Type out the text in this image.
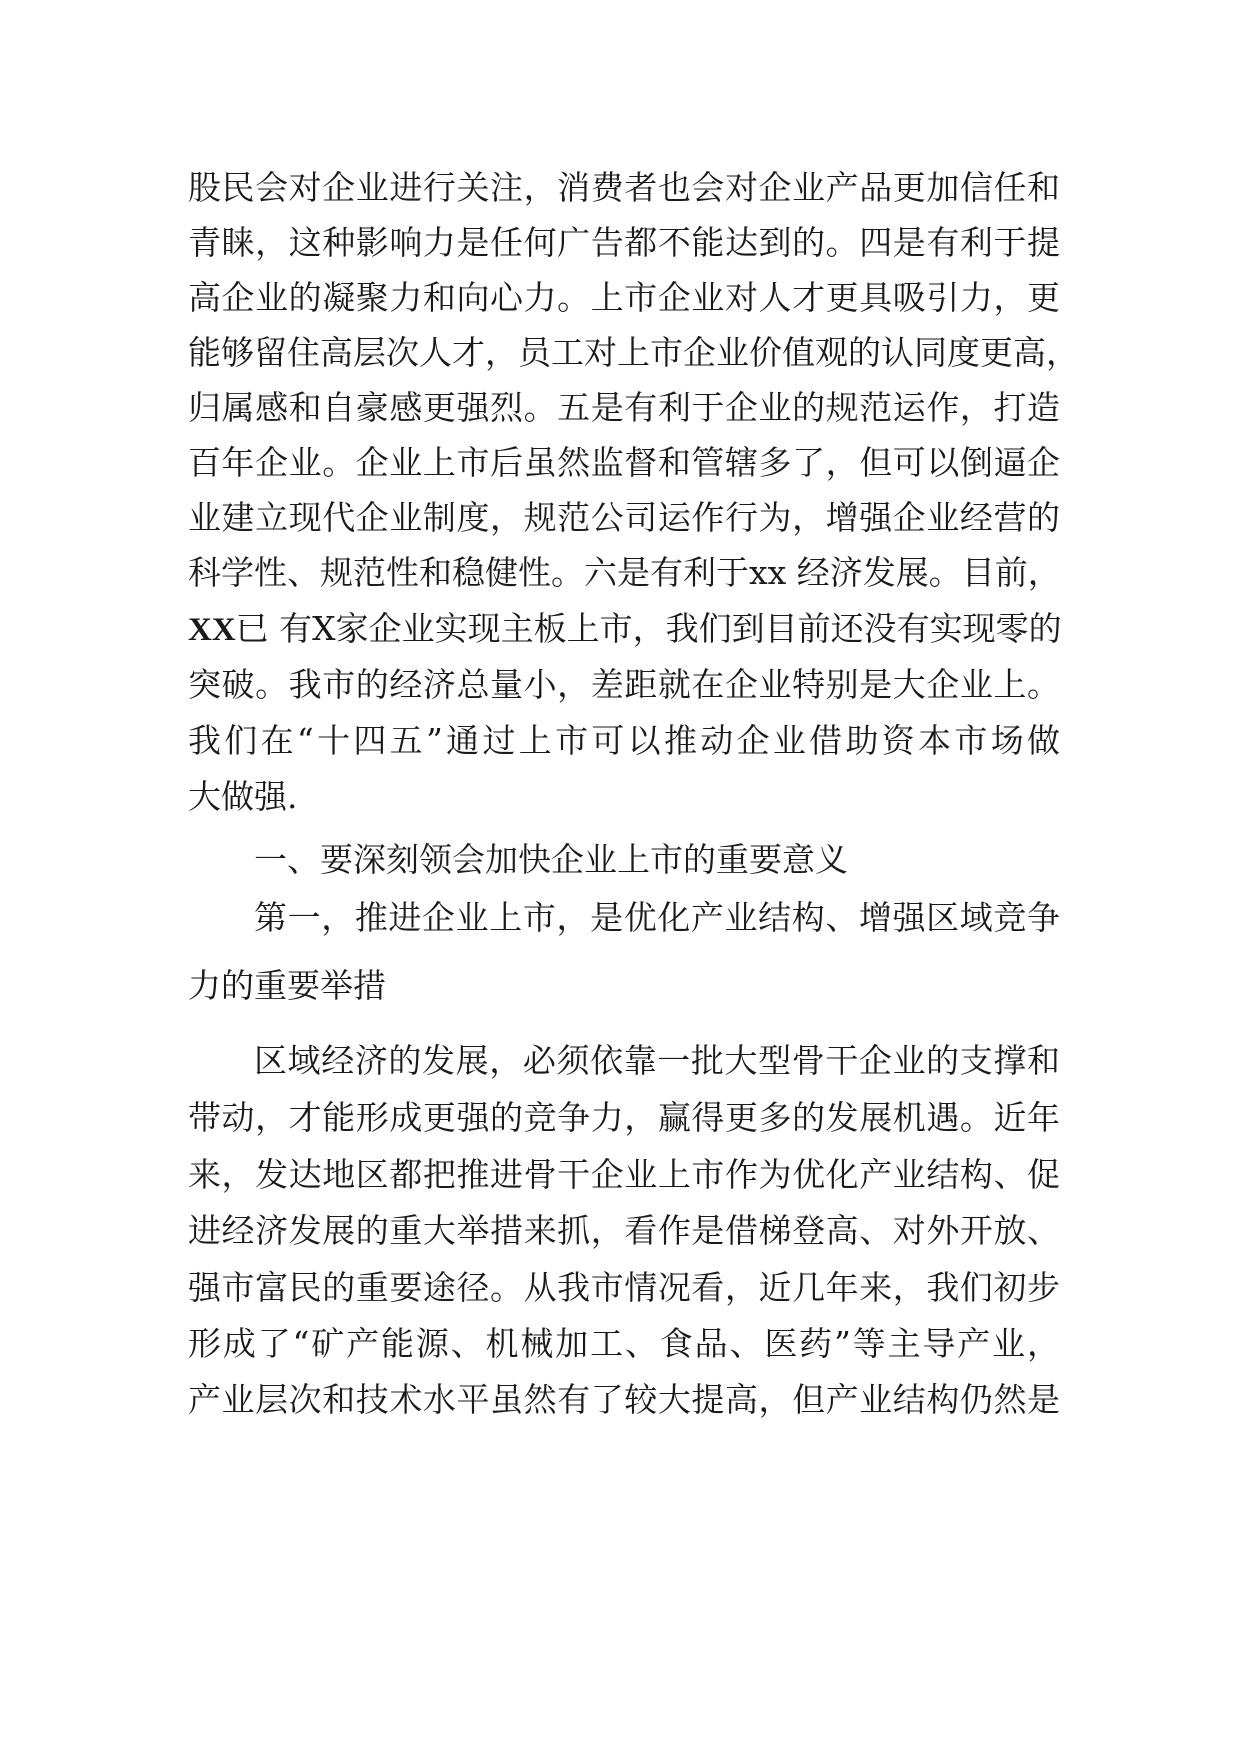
股民会对企业进行关注，消费者也会对企业产品更加信任和
青睐，这种影响力是任何广告都不能达到的。四是有利于提
高企业的凝聚力和向心力。上市企业对人才更具吸引力，更
能够留住高层次人才，员工对上市企业价值观的认同度更高，
归属感和自豪感更强烈。五是有利于企业的规范运作，打造
百年企业。企业上市后虽然监督和管辖多了，但可以倒逼企
业建立现代企业制度，规范公司运作行为，增强企业经营的
科学性、规范性和稳健性。六是有利于xx 经济发展。目前，
XX已 有X家企业实现主板上市，我们到目前还没有实现零的
突破。我市的经济总量小，差距就在企业特别是大企业上。
我们在“十四五”通过上市可以推动企业借助资本市场做
大做强.
一、要深刻领会加快企业上市的重要意义
第一，推进企业上市，是优化产业结构、增强区域竞争
力的重要举措
区域经济的发展，必须依靠一批大型骨干企业的支撑和
带动，才能形成更强的竞争力，赢得更多的发展机遇。近年
来，发达地区都把推进骨干企业上市作为优化产业结构、促
进经济发展的重大举措来抓，看作是借梯登高、对外开放、
强市富民的重要途径。从我市情况看，近几年来，我们初步
形成了“矿产能源、机械加工、食品、医药”等主导产业，
产业层次和技术水平虽然有了较大提高，但产业结构仍然是
